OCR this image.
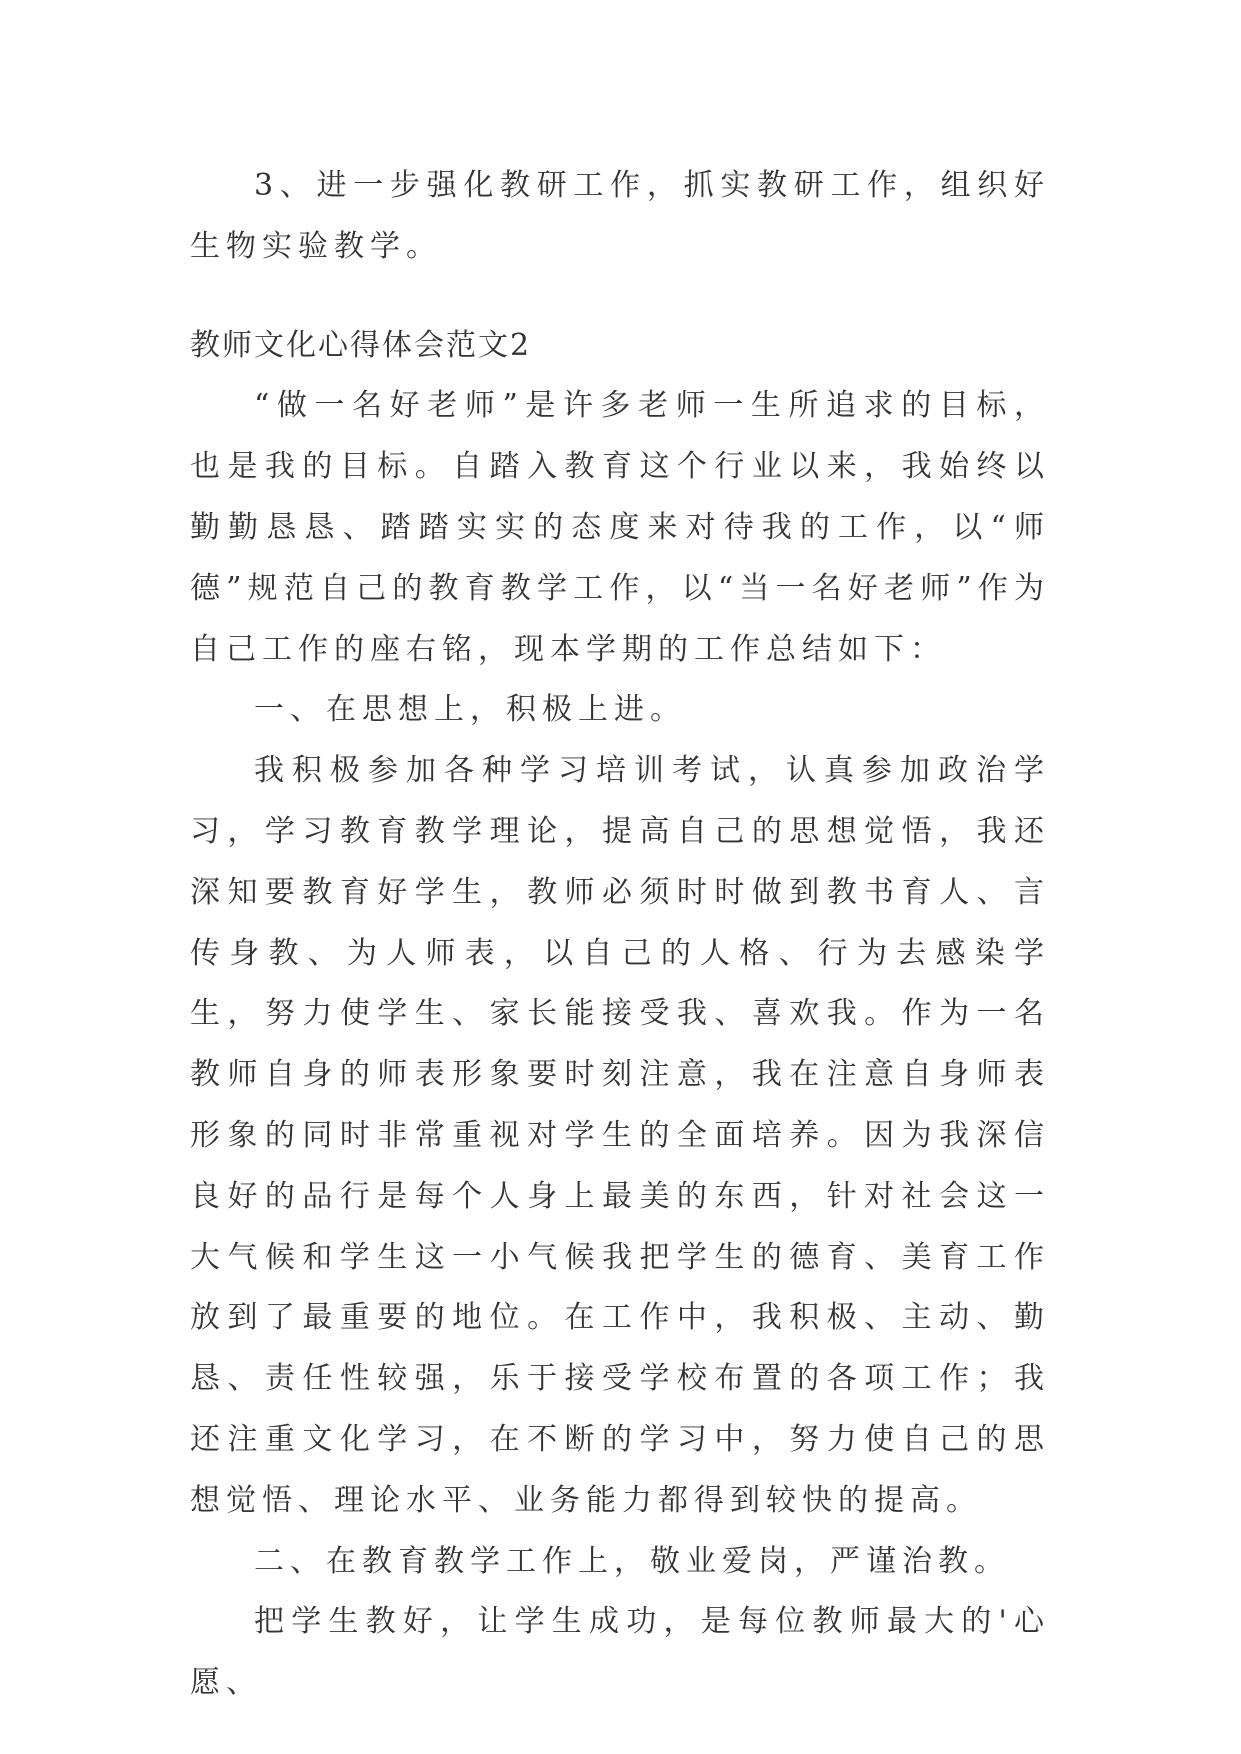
3、进一步强化教研工作，抓实教研工作，组织好生物实验教学。

教师文化心得体会范文2

“做一名好老师”是许多老师一生所追求的目标，也是我的目标。自踏入教育这个行业以来，我始终以勤勤恳恳、踏踏实实的态度来对待我的工作，以“师德”规范自己的教育教学工作，以“当一名好老师”作为自己工作的座右铭，现本学期的工作总结如下：

一、在思想上，积极上进。

我积极参加各种学习培训考试，认真参加政治学习，学习教育教学理论，提高自己的思想觉悟，我还深知要教育好学生，教师必须时时做到教书育人、言传身教、为人师表，以自己的人格、行为去感染学生，努力使学生、家长能接受我、喜欢我。作为一名教师自身的师表形象要时刻注意，我在注意自身师表形象的同时非常重视对学生的全面培养。因为我深信良好的品行是每个人身上最美的东西，针对社会这一大气候和学生这一小气候我把学生的德育、美育工作放到了最重要的地位。在工作中，我积极、主动、勤恳、责任性较强，乐于接受学校布置的各项工作；我还注重文化学习，在不断的学习中，努力使自己的思想觉悟、理论水平、业务能力都得到较快的提高。

二、在教育教学工作上，敬业爱岗，严谨治教。

把学生教好，让学生成功，是每位教师最大的'心愿、
